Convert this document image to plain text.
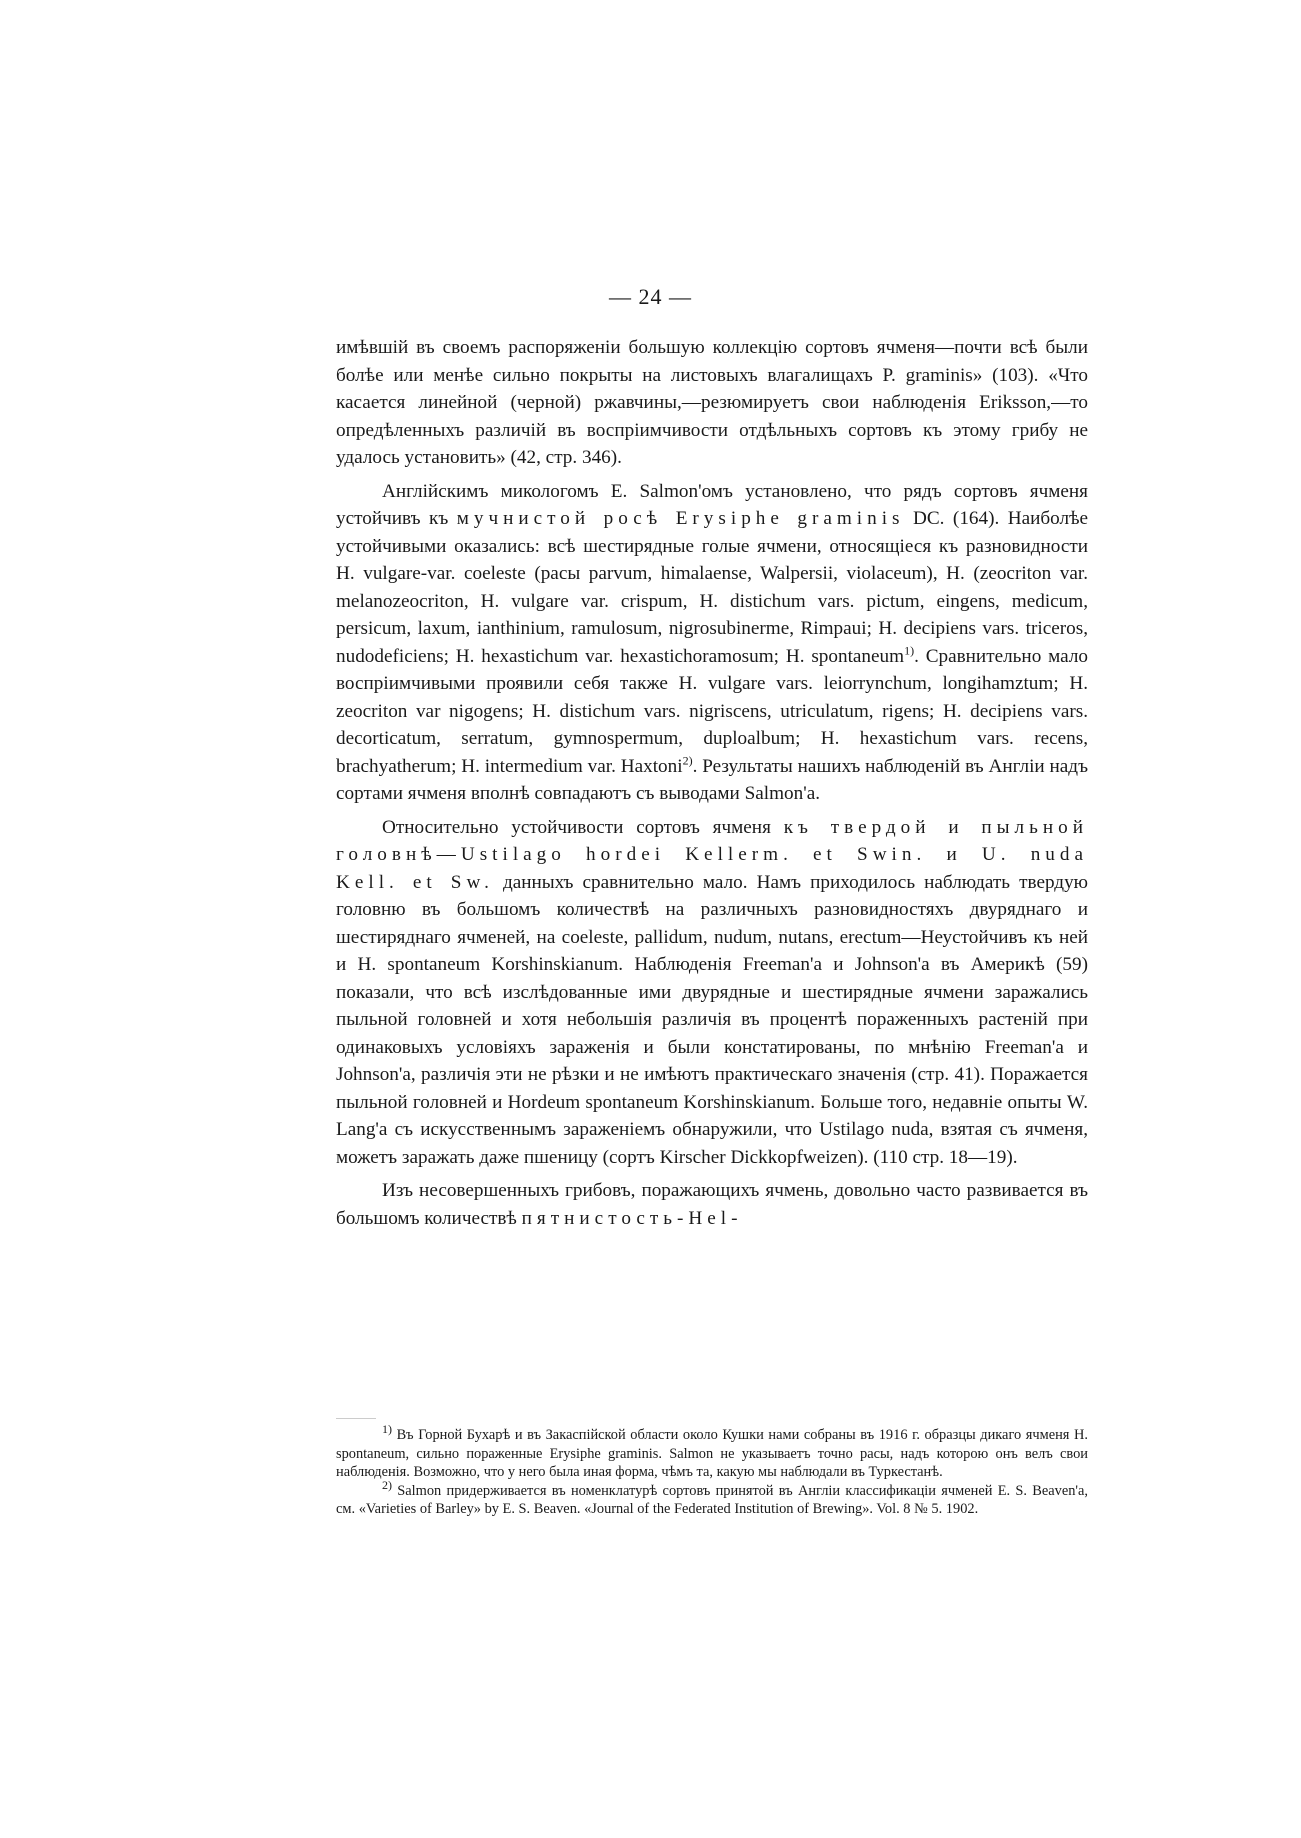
— 24 —

имѣвшій въ своемъ распоряженіи большую коллекцію сортовъ ячменя—почти всѣ были болѣе или менѣе сильно покрыты на листовыхъ влагалищахъ P. graminis» (103). «Что касается линейной (черной) ржавчины,—резюмируетъ свои наблюденія Eriksson,—то опредѣленныхъ различій въ воспріимчивости отдѣльныхъ сортовъ къ этому грибу не удалось установить» (42, стр. 346).

Англійскимъ микологомъ E. Salmon'омъ установлено, что рядъ сортовъ ячменя устойчивъ къ мучнистой росѣ Erysiphe graminis DC. (164). Наиболѣе устойчивыми оказались: всѣ шестирядные голые ячмени, относящіеся къ разновидности H. vulgare-var. coeleste (расы parvum, himalaense, Walpersii, violaceum), H. (zeocriton var. melanozeocriton, H. vulgare var. crispum, H. distichum vars. pictum, eingens, medicum, persicum, laxum, ianthinium, ramulosum, nigrosubinerme, Rimpaui; H. decipiens vars. triceros, nudodeficiens; H. hexastichum var. hexastichoramosum; H. spontaneum$^{1)}$. Сравнительно мало воспріимчивыми проявили себя также H. vulgare vars. leiorrynchum, longihamztum; H. zeocriton var nigogens; H. distichum vars. nigriscens, utriculatum, rigens; H. decipiens vars. decorticatum, serratum, gymnospermum, duploalbum; H. hexastichum vars. recens, brachyatherum; H. intermedium var. Haxtoni$^{2)}$. Результаты нашихъ наблюденій въ Англіи надъ сортами ячменя вполнѣ совпадаютъ съ выводами Salmon'a.

Относительно устойчивости сортовъ ячменя къ твердой и пыльной головнѣ—Ustilago hordei Kellerm. et Swin. и U. nuda Kell. et Sw. данныхъ сравнительно мало. Намъ приходилось наблюдать твердую головню въ большомъ количествѣ на различныхъ разновидностяхъ двуряднаго и шестиряднаго ячменей, на coeleste, pallidum, nudum, nutans, erectum—Неустойчивъ къ ней и H. spontaneum Korshinskianum. Наблюденія Freeman'a и Johnson'a въ Америкѣ (59) показали, что всѣ изслѣдованные ими двурядные и шестирядные ячмени заражались пыльной головней и хотя небольшія различія въ процентѣ пораженныхъ растеній при одинаковыхъ условіяхъ зараженія и были констатированы, по мнѣнію Freeman'a и Johnson'a, различія эти не рѣзки и не имѣютъ практическаго значенія (стр. 41). Поражается пыльной головней и Hordeum spontaneum Korshinskianum. Больше того, недавніе опыты W. Lang'a съ искусственнымъ зараженіемъ обнаружили, что Ustilago nuda, взятая съ ячменя, можетъ заражать даже пшеницу (сортъ Kirscher Dickkopfweizen). (110 стр. 18—19).

Изъ несовершенныхъ грибовъ, поражающихъ ячмень, довольно часто развивается въ большомъ количествѣ пятнистость-Hel-

$^{1)}$ Въ Горной Бухарѣ и въ Закаспійской области около Кушки нами собраны въ 1916 г. образцы дикаго ячменя H. spontaneum, сильно пораженные Erysiphe graminis. Salmon не указываетъ точно расы, надъ которою онъ велъ свои наблюденія. Возможно, что у него была иная форма, чѣмъ та, какую мы наблюдали въ Туркестанѣ.

$^{2)}$ Salmon придерживается въ номенклатурѣ сортовъ принятой въ Англіи классификаціи ячменей E. S. Beaven'a, см. «Varieties of Barley» by E. S. Beaven. «Journal of the Federated Institution of Brewing». Vol. 8 № 5. 1902.
